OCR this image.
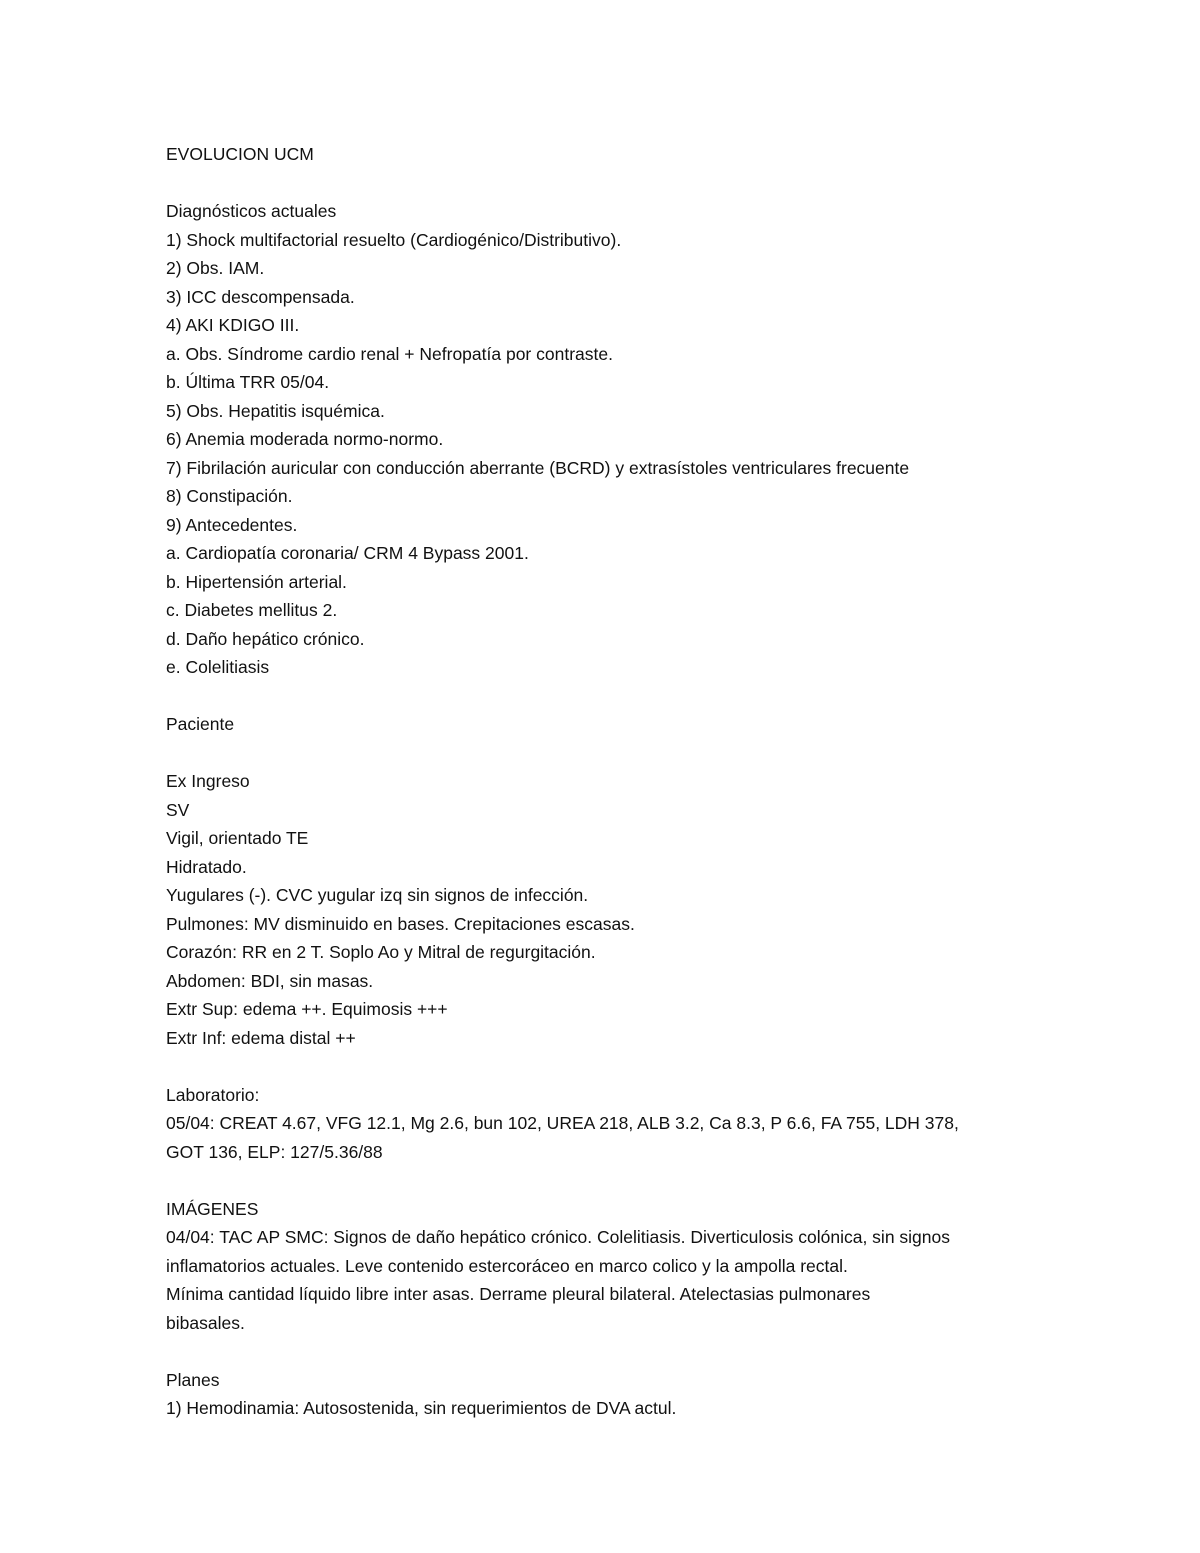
EVOLUCION UCM

Diagnósticos actuales

1) Shock multifactorial resuelto (Cardiogénico/Distributivo).

2) Obs. IAM.

3) ICC descompensada.

4) AKI KDIGO III.

a. Obs. Síndrome cardio renal + Nefropatía por contraste.

b. Última TRR 05/04.

5) Obs. Hepatitis isquémica.

6) Anemia moderada normo-normo.

7) Fibrilación auricular con conducción aberrante (BCRD) y extrasístoles ventriculares frecuente

8) Constipación.

9) Antecedentes.

a. Cardiopatía coronaria/ CRM 4 Bypass 2001.

b. Hipertensión arterial.

c. Diabetes mellitus 2.

d. Daño hepático crónico.

e. Colelitiasis

Paciente

Ex Ingreso

SV

Vigil, orientado TE

Hidratado.

Yugulares (-). CVC yugular izq sin signos de infección.

Pulmones: MV disminuido en bases. Crepitaciones escasas.

Corazón: RR en 2 T. Soplo Ao y Mitral de regurgitación.

Abdomen: BDI, sin masas.

Extr Sup: edema ++. Equimosis +++

Extr Inf: edema distal ++

Laboratorio:

05/04: CREAT 4.67, VFG 12.1, Mg 2.6, bun 102, UREA 218, ALB 3.2, Ca 8.3, P 6.6, FA 755, LDH 378,

GOT 136, ELP: 127/5.36/88

IMÁGENES

04/04: TAC AP SMC: Signos de daño hepático crónico. Colelitiasis. Diverticulosis colónica, sin signos

inflamatorios actuales. Leve contenido estercoráceo en marco colico y la ampolla rectal.

Mínima cantidad líquido libre inter asas. Derrame pleural bilateral. Atelectasias pulmonares

bibasales.

Planes

1) Hemodinamia: Autosostenida, sin requerimientos de DVA actul.
